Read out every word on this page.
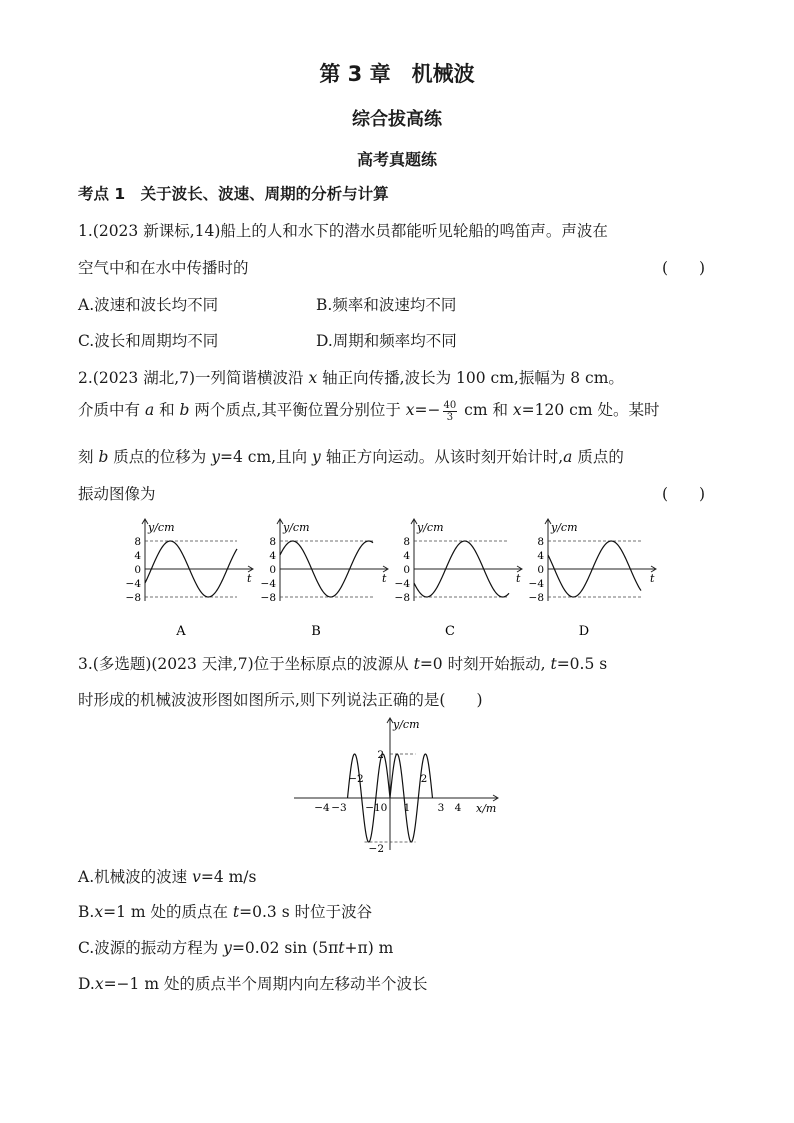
第 3 章　机械波
综合拔高练
高考真题练
考点 1　关于波长、波速、周期的分析与计算
1.(2023 新课标,14)船上的人和水下的潜水员都能听见轮船的鸣笛声。声波在
空气中和在水中传播时的	(　　)
A.波速和波长均不同	B.频率和波速均不同
C.波长和周期均不同	D.周期和频率均不同
2.(2023 湖北,7)一列简谐横波沿 x 轴正向传播,波长为 100 cm,振幅为 8 cm。
介质中有 a 和 b 两个质点,其平衡位置分别位于 $x=- \frac{40}{3}$ cm 和 x=120 cm 处。某时
刻 b 质点的位移为 y=4 cm,且向 y 轴正方向运动。从该时刻开始计时,a 质点的
振动图像为	(　　)
y/cm
t
8
4
0
−4
−8
A
y/cm
t
8
4
0
−4
−8
B
y/cm
t
8
4
0
−4
−8
C
y/cm
t
8
4
0
−4
−8
D
3.(多选题)(2023 天津,7)位于坐标原点的波源从 t=0 时刻开始振动, t=0.5 s
时形成的机械波波形图如图所示,则下列说法正确的是(　　)
y/cm
x/m
−4 −3
−2
−1 0 1
2
3 4
2
−2
A.机械波的波速 v=4 m/s
B.x=1 m 处的质点在 t=0.3 s 时位于波谷
C.波源的振动方程为 y=0.02 sin (5πt+π) m
D.x=−1 m 处的质点半个周期内向左移动半个波长
